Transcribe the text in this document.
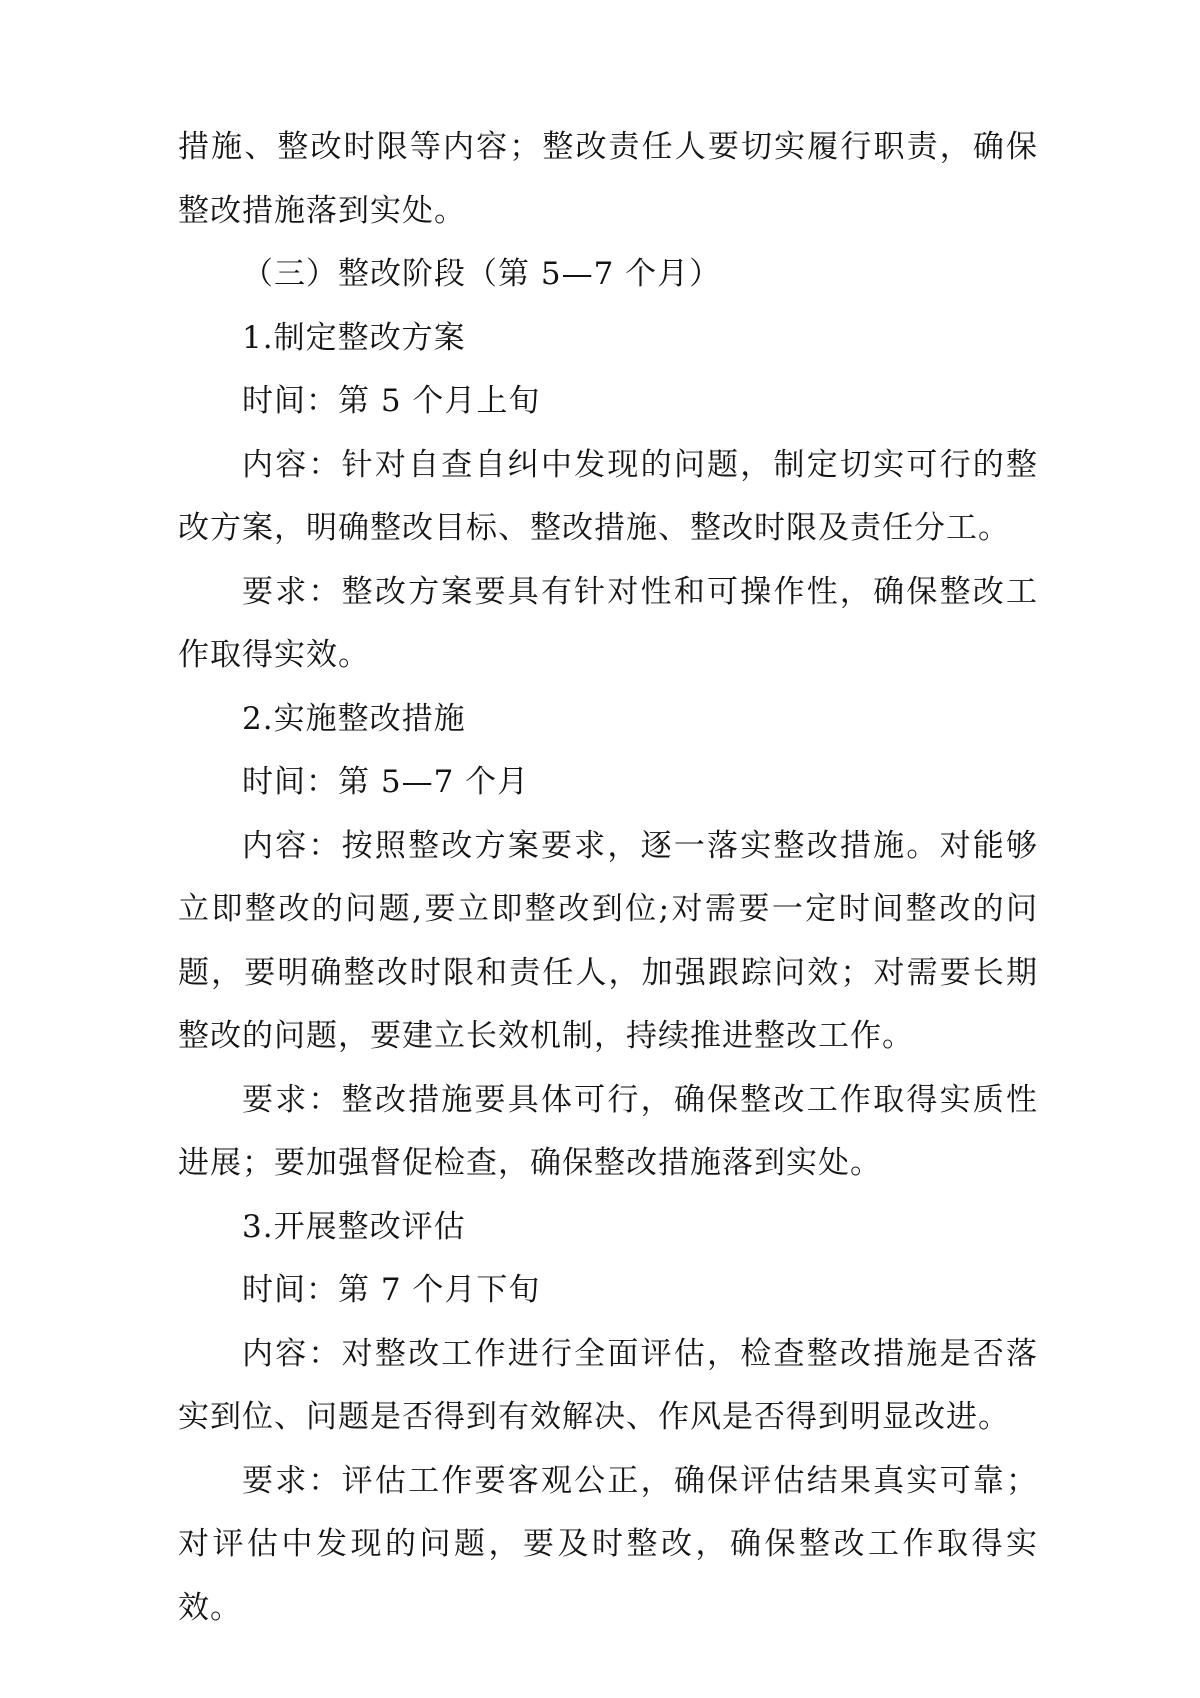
措施、整改时限等内容；整改责任人要切实履行职责，确保整改措施落到实处。

（三）整改阶段（第 5—7 个月）

1.制定整改方案

时间：第 5 个月上旬

内容：针对自查自纠中发现的问题，制定切实可行的整改方案，明确整改目标、整改措施、整改时限及责任分工。

要求：整改方案要具有针对性和可操作性，确保整改工作取得实效。

2.实施整改措施

时间：第 5—7 个月

内容：按照整改方案要求，逐一落实整改措施。对能够立即整改的问题,要立即整改到位;对需要一定时间整改的问题，要明确整改时限和责任人，加强跟踪问效；对需要长期整改的问题，要建立长效机制，持续推进整改工作。

要求：整改措施要具体可行，确保整改工作取得实质性进展；要加强督促检查，确保整改措施落到实处。

3.开展整改评估

时间：第 7 个月下旬

内容：对整改工作进行全面评估，检查整改措施是否落实到位、问题是否得到有效解决、作风是否得到明显改进。

要求：评估工作要客观公正，确保评估结果真实可靠；对评估中发现的问题，要及时整改，确保整改工作取得实效。
